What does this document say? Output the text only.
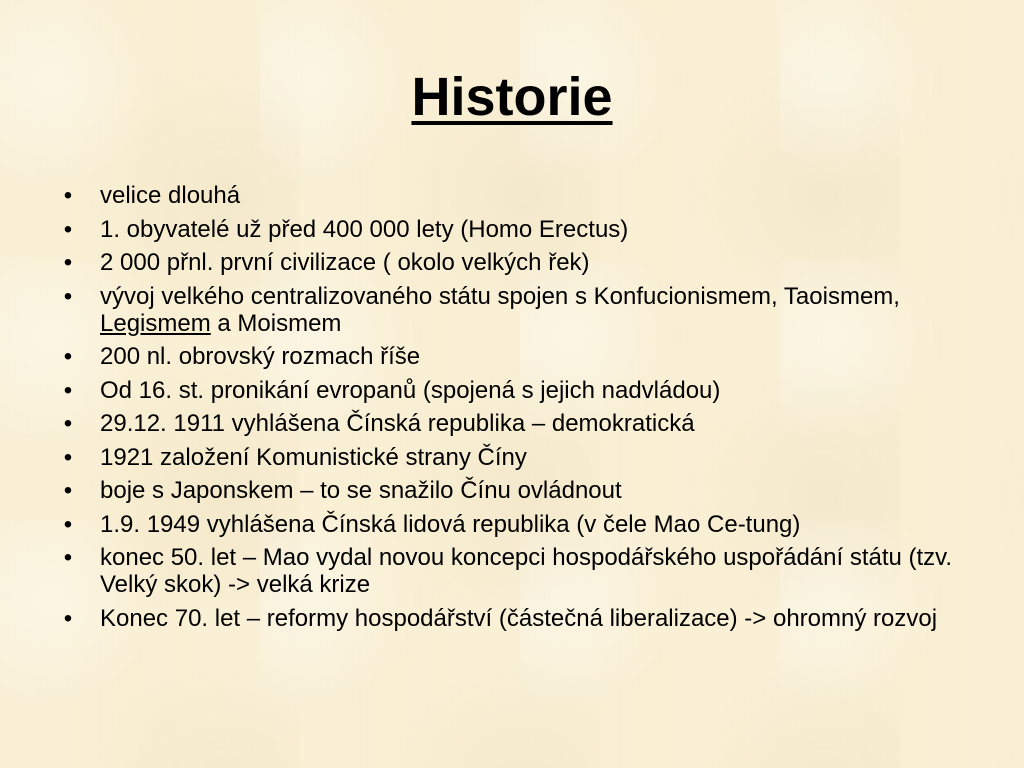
Historie
• velice dlouhá
• 1. obyvatelé už před 400 000 lety (Homo Erectus)
• 2 000 přnl. první civilizace ( okolo velkých řek)
• vývoj velkého centralizovaného státu spojen s Konfucionismem, Taoismem, Legismem a Moismem
• 200 nl. obrovský rozmach říše
• Od 16. st. pronikání evropanů (spojená s jejich nadvládou)
• 29.12. 1911 vyhlášena Čínská republika – demokratická
• 1921 založení Komunistické strany Číny
• boje s Japonskem – to se snažilo Čínu ovládnout
• 1.9. 1949 vyhlášena Čínská lidová republika (v čele Mao Ce-tung)
• konec 50. let – Mao vydal novou koncepci hospodářského uspořádání státu (tzv. Velký skok) -> velká krize
• Konec 70. let – reformy hospodářství (částečná liberalizace) -> ohromný rozvoj
